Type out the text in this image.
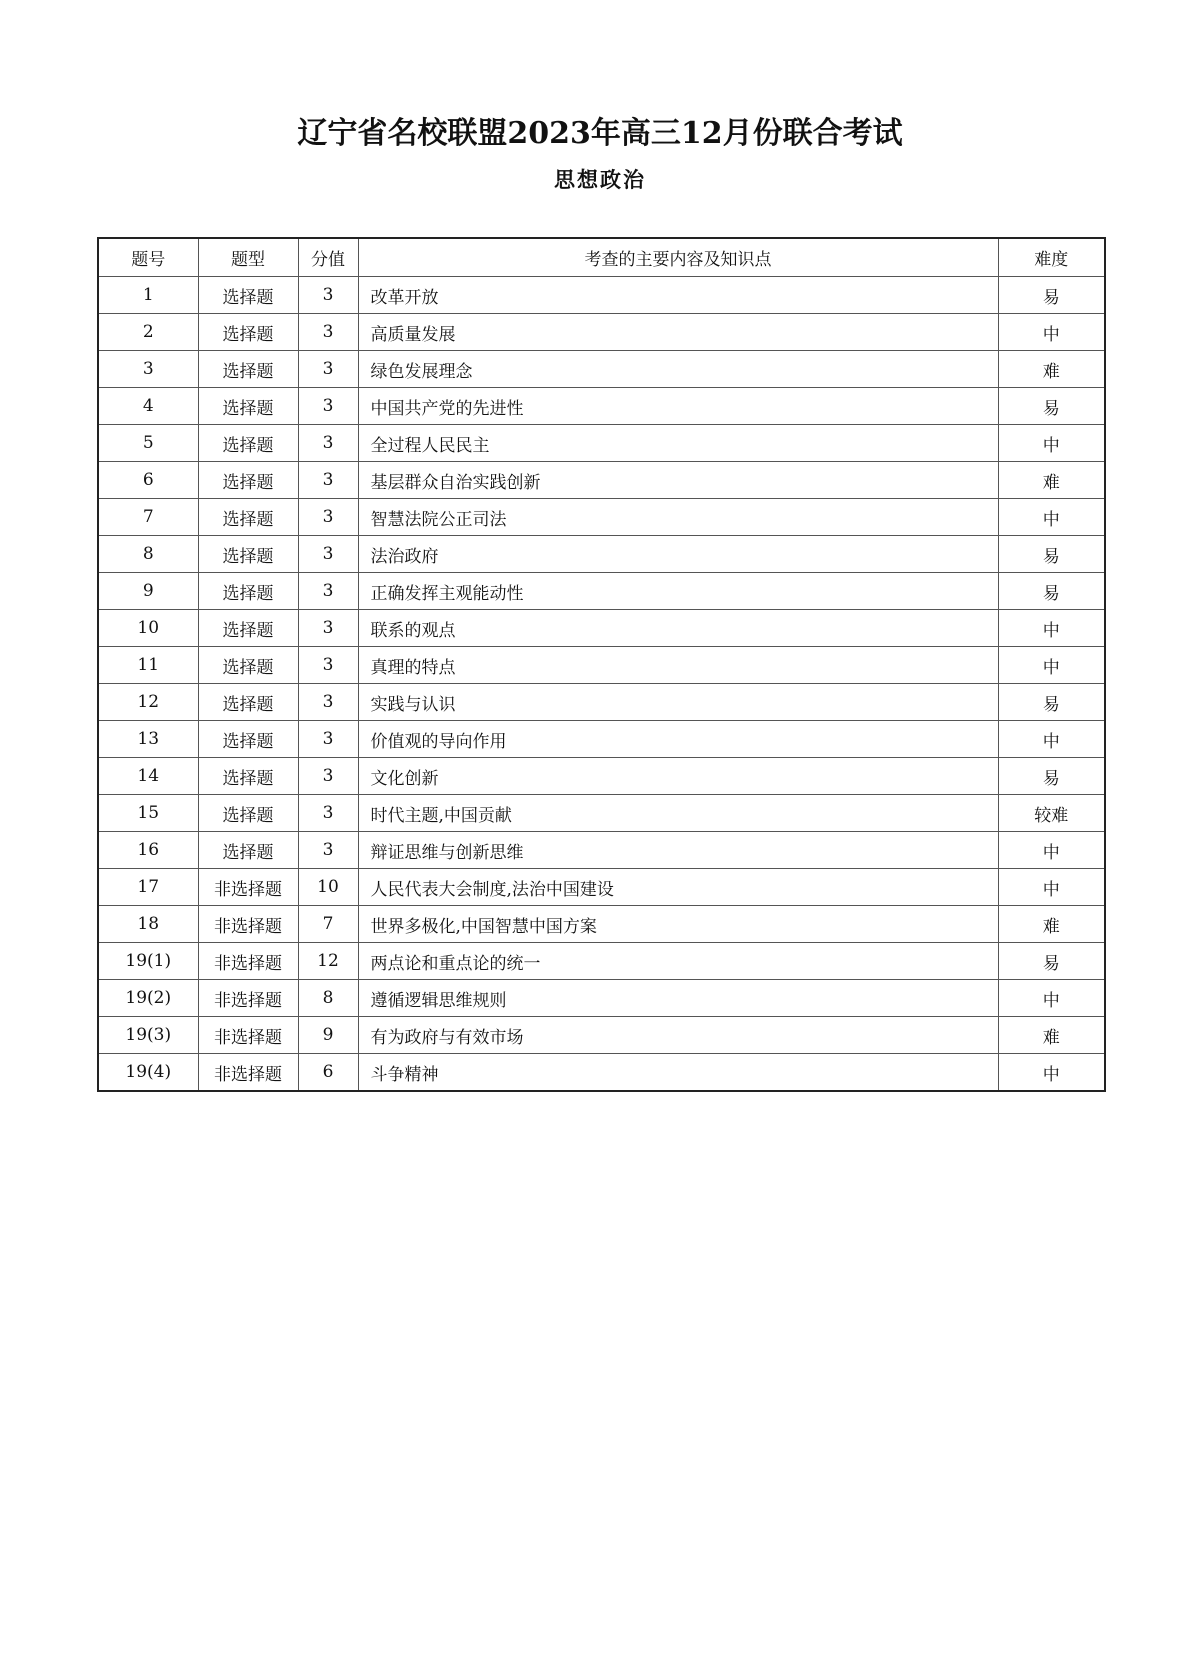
辽宁省名校联盟2023年高三12月份联合考试
思想政治
题号	题型	分值	考查的主要内容及知识点	难度
1	选择题	3	改革开放	易
2	选择题	3	高质量发展	中
3	选择题	3	绿色发展理念	难
4	选择题	3	中国共产党的先进性	易
5	选择题	3	全过程人民民主	中
6	选择题	3	基层群众自治实践创新	难
7	选择题	3	智慧法院公正司法	中
8	选择题	3	法治政府	易
9	选择题	3	正确发挥主观能动性	易
10	选择题	3	联系的观点	中
11	选择题	3	真理的特点	中
12	选择题	3	实践与认识	易
13	选择题	3	价值观的导向作用	中
14	选择题	3	文化创新	易
15	选择题	3	时代主题,中国贡献	较难
16	选择题	3	辩证思维与创新思维	中
17	非选择题	10	人民代表大会制度,法治中国建设	中
18	非选择题	7	世界多极化,中国智慧中国方案	难
19(1)	非选择题	12	两点论和重点论的统一	易
19(2)	非选择题	8	遵循逻辑思维规则	中
19(3)	非选择题	9	有为政府与有效市场	难
19(4)	非选择题	6	斗争精神	中
